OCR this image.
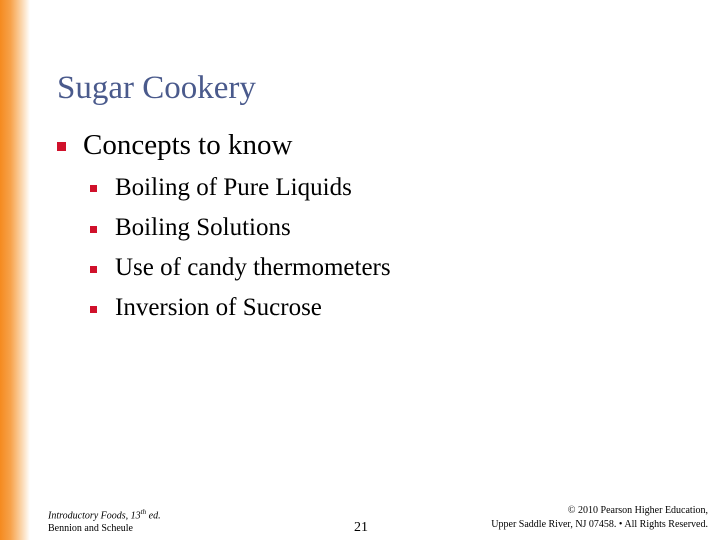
Sugar Cookery
Concepts to know
Boiling of Pure Liquids
Boiling Solutions
Use of candy thermometers
Inversion of Sucrose
Introductory Foods, 13th ed.
Bennion and Scheule	21
© 2010 Pearson Higher Education,
Upper Saddle River, NJ 07458. • All Rights Reserved.
